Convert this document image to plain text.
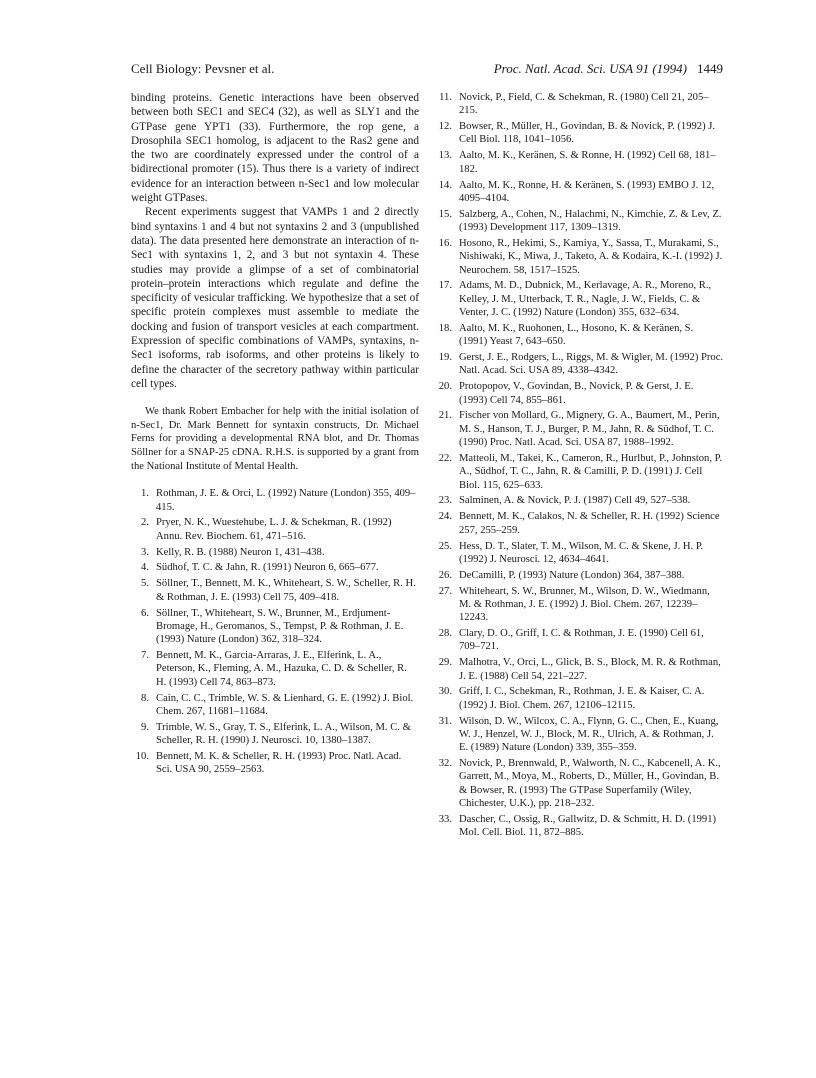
Cell Biology: Pevsner et al.	Proc. Natl. Acad. Sci. USA 91 (1994) 1449

binding proteins. Genetic interactions have been observed between both SEC1 and SEC4 (32), as well as SLY1 and the GTPase gene YPT1 (33). Furthermore, the rop gene, a Drosophila SEC1 homolog, is adjacent to the Ras2 gene and the two are coordinately expressed under the control of a bidirectional promoter (15). Thus there is a variety of indirect evidence for an interaction between n-Sec1 and low molecular weight GTPases.

Recent experiments suggest that VAMPs 1 and 2 directly bind syntaxins 1 and 4 but not syntaxins 2 and 3 (unpublished data). The data presented here demonstrate an interaction of n-Sec1 with syntaxins 1, 2, and 3 but not syntaxin 4. These studies may provide a glimpse of a set of combinatorial protein–protein interactions which regulate and define the specificity of vesicular trafficking. We hypothesize that a set of specific protein complexes must assemble to mediate the docking and fusion of transport vesicles at each compartment. Expression of specific combinations of VAMPs, syntaxins, n-Sec1 isoforms, rab isoforms, and other proteins is likely to define the character of the secretory pathway within particular cell types.

We thank Robert Embacher for help with the initial isolation of n-Sec1, Dr. Mark Bennett for syntaxin constructs, Dr. Michael Ferns for providing a developmental RNA blot, and Dr. Thomas Söllner for a SNAP-25 cDNA. R.H.S. is supported by a grant from the National Institute of Mental Health.

1. Rothman, J. E. & Orci, L. (1992) Nature (London) 355, 409–415.
2. Pryer, N. K., Wuestehube, L. J. & Schekman, R. (1992) Annu. Rev. Biochem. 61, 471–516.
3. Kelly, R. B. (1988) Neuron 1, 431–438.
4. Südhof, T. C. & Jahn, R. (1991) Neuron 6, 665–677.
5. Söllner, T., Bennett, M. K., Whiteheart, S. W., Scheller, R. H. & Rothman, J. E. (1993) Cell 75, 409–418.
6. Söllner, T., Whiteheart, S. W., Brunner, M., Erdjument-Bromage, H., Geromanos, S., Tempst, P. & Rothman, J. E. (1993) Nature (London) 362, 318–324.
7. Bennett, M. K., Garcia-Arraras, J. E., Elferink, L. A., Peterson, K., Fleming, A. M., Hazuka, C. D. & Scheller, R. H. (1993) Cell 74, 863–873.
8. Cain, C. C., Trimble, W. S. & Lienhard, G. E. (1992) J. Biol. Chem. 267, 11681–11684.
9. Trimble, W. S., Gray, T. S., Elferink, L. A., Wilson, M. C. & Scheller, R. H. (1990) J. Neurosci. 10, 1380–1387.
10. Bennett, M. K. & Scheller, R. H. (1993) Proc. Natl. Acad. Sci. USA 90, 2559–2563.
11. Novick, P., Field, C. & Schekman, R. (1980) Cell 21, 205–215.
12. Bowser, R., Müller, H., Govindan, B. & Novick, P. (1992) J. Cell Biol. 118, 1041–1056.
13. Aalto, M. K., Keränen, S. & Ronne, H. (1992) Cell 68, 181–182.
14. Aalto, M. K., Ronne, H. & Keränen, S. (1993) EMBO J. 12, 4095–4104.
15. Salzberg, A., Cohen, N., Halachmi, N., Kimchie, Z. & Lev, Z. (1993) Development 117, 1309–1319.
16. Hosono, R., Hekimi, S., Kamiya, Y., Sassa, T., Murakami, S., Nishiwaki, K., Miwa, J., Taketo, A. & Kodaira, K.-I. (1992) J. Neurochem. 58, 1517–1525.
17. Adams, M. D., Dubnick, M., Kerlavage, A. R., Moreno, R., Kelley, J. M., Utterback, T. R., Nagle, J. W., Fields, C. & Venter, J. C. (1992) Nature (London) 355, 632–634.
18. Aalto, M. K., Ruohonen, L., Hosono, K. & Keränen, S. (1991) Yeast 7, 643–650.
19. Gerst, J. E., Rodgers, L., Riggs, M. & Wigler, M. (1992) Proc. Natl. Acad. Sci. USA 89, 4338–4342.
20. Protopopov, V., Govindan, B., Novick, P. & Gerst, J. E. (1993) Cell 74, 855–861.
21. Fischer von Mollard, G., Mignery, G. A., Baumert, M., Perin, M. S., Hanson, T. J., Burger, P. M., Jahn, R. & Südhof, T. C. (1990) Proc. Natl. Acad. Sci. USA 87, 1988–1992.
22. Matteoli, M., Takei, K., Cameron, R., Hurlbut, P., Johnston, P. A., Südhof, T. C., Jahn, R. & Camilli, P. D. (1991) J. Cell Biol. 115, 625–633.
23. Salminen, A. & Novick, P. J. (1987) Cell 49, 527–538.
24. Bennett, M. K., Calakos, N. & Scheller, R. H. (1992) Science 257, 255–259.
25. Hess, D. T., Slater, T. M., Wilson, M. C. & Skene, J. H. P. (1992) J. Neurosci. 12, 4634–4641.
26. DeCamilli, P. (1993) Nature (London) 364, 387–388.
27. Whiteheart, S. W., Brunner, M., Wilson, D. W., Wiedmann, M. & Rothman, J. E. (1992) J. Biol. Chem. 267, 12239–12243.
28. Clary, D. O., Griff, I. C. & Rothman, J. E. (1990) Cell 61, 709–721.
29. Malhotra, V., Orci, L., Glick, B. S., Block, M. R. & Rothman, J. E. (1988) Cell 54, 221–227.
30. Griff, I. C., Schekman, R., Rothman, J. E. & Kaiser, C. A. (1992) J. Biol. Chem. 267, 12106–12115.
31. Wilson, D. W., Wilcox, C. A., Flynn, G. C., Chen, E., Kuang, W. J., Henzel, W. J., Block, M. R., Ulrich, A. & Rothman, J. E. (1989) Nature (London) 339, 355–359.
32. Novick, P., Brennwald, P., Walworth, N. C., Kabcenell, A. K., Garrett, M., Moya, M., Roberts, D., Müller, H., Govindan, B. & Bowser, R. (1993) The GTPase Superfamily (Wiley, Chichester, U.K.), pp. 218–232.
33. Dascher, C., Ossig, R., Gallwitz, D. & Schmitt, H. D. (1991) Mol. Cell. Biol. 11, 872–885.
